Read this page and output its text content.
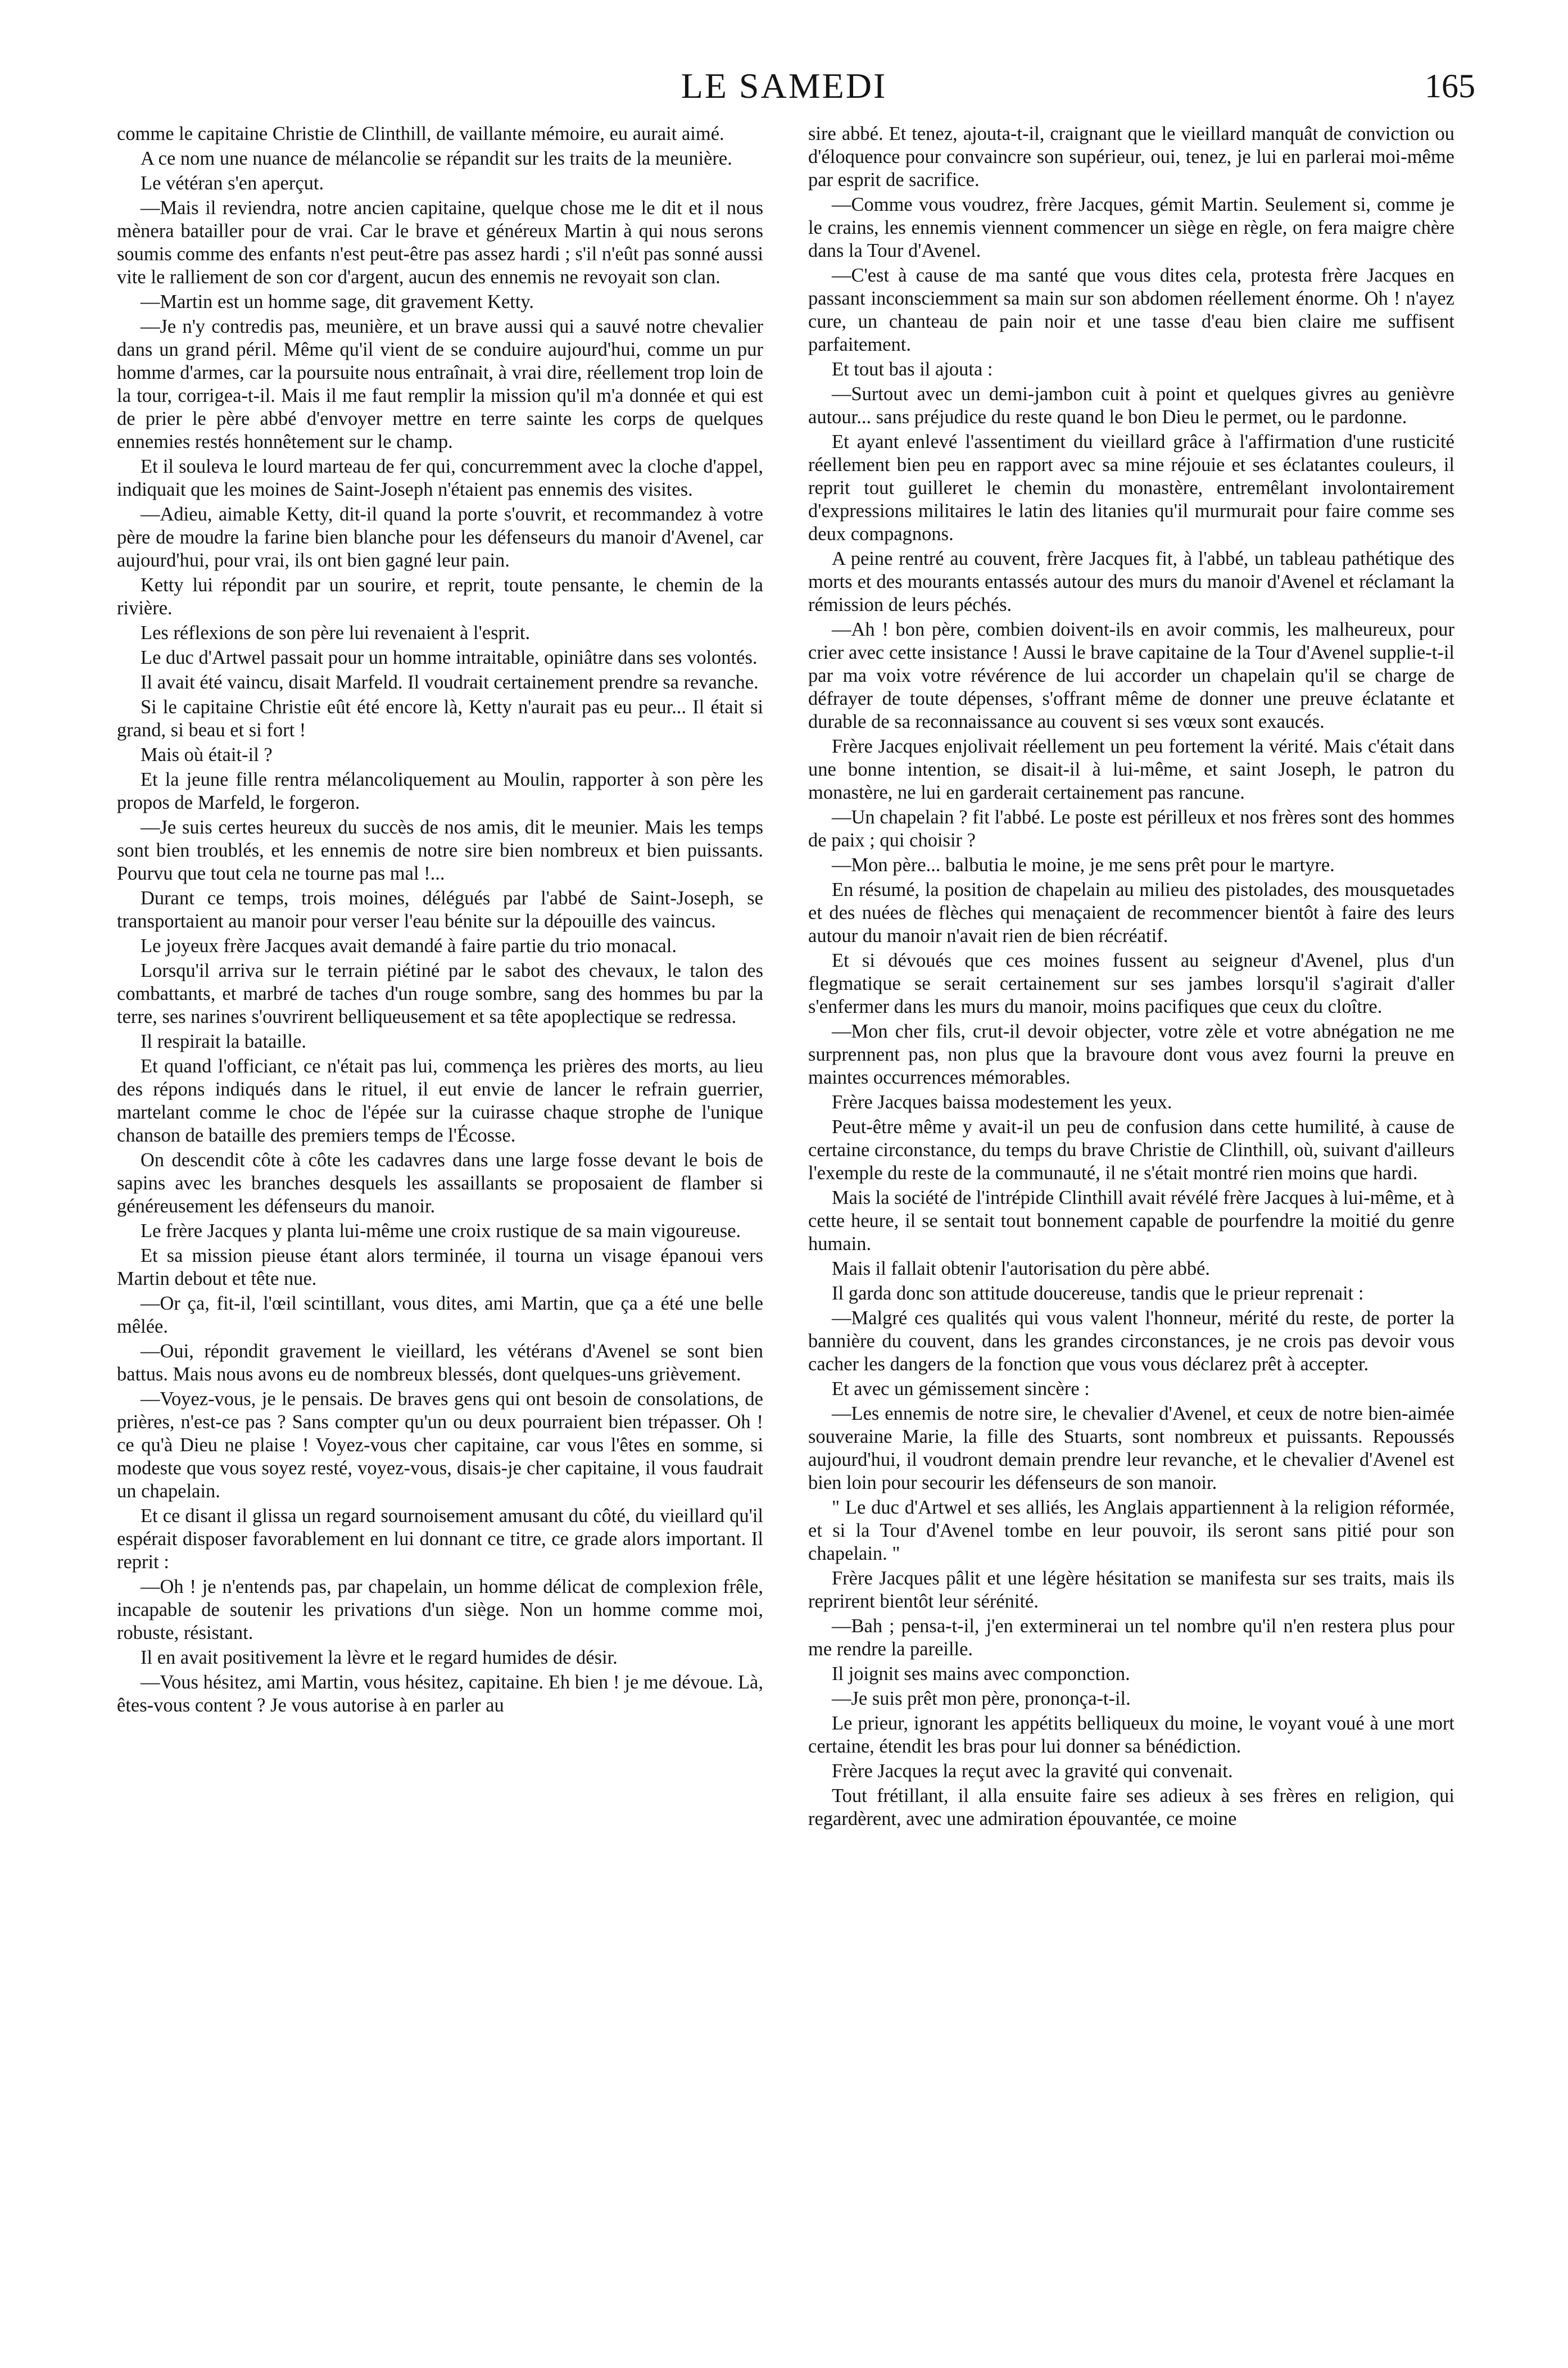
LE SAMEDI	165

comme le capitaine Christie de Clinthill, de vaillante mémoire, eu aurait aimé.

A ce nom une nuance de mélancolie se répandit sur les traits de la meunière.

Le vétéran s'en aperçut.

—Mais il reviendra, notre ancien capitaine, quelque chose me le dit et il nous mènera batailler pour de vrai. Car le brave et généreux Martin à qui nous serons soumis comme des enfants n'est peut-être pas assez hardi ; s'il n'eût pas sonné aussi vite le ralliement de son cor d'argent, aucun des ennemis ne revoyait son clan.

—Martin est un homme sage, dit gravement Ketty.

—Je n'y contredis pas, meunière, et un brave aussi qui a sauvé notre chevalier dans un grand péril. Même qu'il vient de se conduire aujourd'hui, comme un pur homme d'armes, car la poursuite nous entraînait, à vrai dire, réellement trop loin de la tour, corrigea-t-il. Mais il me faut remplir la mission qu'il m'a donnée et qui est de prier le père abbé d'envoyer mettre en terre sainte les corps de quelques ennemies restés honnêtement sur le champ.

Et il souleva le lourd marteau de fer qui, concurremment avec la cloche d'appel, indiquait que les moines de Saint-Joseph n'étaient pas ennemis des visites.

—Adieu, aimable Ketty, dit-il quand la porte s'ouvrit, et recommandez à votre père de moudre la farine bien blanche pour les défenseurs du manoir d'Avenel, car aujourd'hui, pour vrai, ils ont bien gagné leur pain.

Ketty lui répondit par un sourire, et reprit, toute pensante, le chemin de la rivière.

Les réflexions de son père lui revenaient à l'esprit.

Le duc d'Artwel passait pour un homme intraitable, opiniâtre dans ses volontés.

Il avait été vaincu, disait Marfeld. Il voudrait certainement prendre sa revanche.

Si le capitaine Christie eût été encore là, Ketty n'aurait pas eu peur... Il était si grand, si beau et si fort !

Mais où était-il ?

Et la jeune fille rentra mélancoliquement au Moulin, rapporter à son père les propos de Marfeld, le forgeron.

—Je suis certes heureux du succès de nos amis, dit le meunier. Mais les temps sont bien troublés, et les ennemis de notre sire bien nombreux et bien puissants. Pourvu que tout cela ne tourne pas mal !...

Durant ce temps, trois moines, délégués par l'abbé de Saint-Joseph, se transportaient au manoir pour verser l'eau bénite sur la dépouille des vaincus.

Le joyeux frère Jacques avait demandé à faire partie du trio monacal.

Lorsqu'il arriva sur le terrain piétiné par le sabot des chevaux, le talon des combattants, et marbré de taches d'un rouge sombre, sang des hommes bu par la terre, ses narines s'ouvrirent belliqueusement et sa tête apoplectique se redressa.

Il respirait la bataille.

Et quand l'officiant, ce n'était pas lui, commença les prières des morts, au lieu des répons indiqués dans le rituel, il eut envie de lancer le refrain guerrier, martelant comme le choc de l'épée sur la cuirasse chaque strophe de l'unique chanson de bataille des premiers temps de l'Écosse.

On descendit côte à côte les cadavres dans une large fosse devant le bois de sapins avec les branches desquels les assaillants se proposaient de flamber si généreusement les défenseurs du manoir.

Le frère Jacques y planta lui-même une croix rustique de sa main vigoureuse.

Et sa mission pieuse étant alors terminée, il tourna un visage épanoui vers Martin debout et tête nue.

—Or ça, fit-il, l'œil scintillant, vous dites, ami Martin, que ça a été une belle mêlée.

—Oui, répondit gravement le vieillard, les vétérans d'Avenel se sont bien battus. Mais nous avons eu de nombreux blessés, dont quelques-uns grièvement.

—Voyez-vous, je le pensais. De braves gens qui ont besoin de consolations, de prières, n'est-ce pas ? Sans compter qu'un ou deux pourraient bien trépasser. Oh ! ce qu'à Dieu ne plaise ! Voyez-vous cher capitaine, car vous l'êtes en somme, si modeste que vous soyez resté, voyez-vous, disais-je cher capitaine, il vous faudrait un chapelain.

Et ce disant il glissa un regard sournoisement amusant du côté, du vieillard qu'il espérait disposer favorablement en lui donnant ce titre, ce grade alors important. Il reprit :

—Oh ! je n'entends pas, par chapelain, un homme délicat de complexion frêle, incapable de soutenir les privations d'un siège. Non un homme comme moi, robuste, résistant.

Il en avait positivement la lèvre et le regard humides de désir.

—Vous hésitez, ami Martin, vous hésitez, capitaine. Eh bien ! je me dévoue. Là, êtes-vous content ? Je vous autorise à en parler au

sire abbé. Et tenez, ajouta-t-il, craignant que le vieillard manquât de conviction ou d'éloquence pour convaincre son supérieur, oui, tenez, je lui en parlerai moi-même par esprit de sacrifice.

—Comme vous voudrez, frère Jacques, gémit Martin. Seulement si, comme je le crains, les ennemis viennent commencer un siège en règle, on fera maigre chère dans la Tour d'Avenel.

—C'est à cause de ma santé que vous dites cela, protesta frère Jacques en passant inconsciemment sa main sur son abdomen réellement énorme. Oh ! n'ayez cure, un chanteau de pain noir et une tasse d'eau bien claire me suffisent parfaitement.

Et tout bas il ajouta :

—Surtout avec un demi-jambon cuit à point et quelques givres au genièvre autour... sans préjudice du reste quand le bon Dieu le permet, ou le pardonne.

Et ayant enlevé l'assentiment du vieillard grâce à l'affirmation d'une rusticité réellement bien peu en rapport avec sa mine réjouie et ses éclatantes couleurs, il reprit tout guilleret le chemin du monastère, entremêlant involontairement d'expressions militaires le latin des litanies qu'il murmurait pour faire comme ses deux compagnons.

A peine rentré au couvent, frère Jacques fit, à l'abbé, un tableau pathétique des morts et des mourants entassés autour des murs du manoir d'Avenel et réclamant la rémission de leurs péchés.

—Ah ! bon père, combien doivent-ils en avoir commis, les malheureux, pour crier avec cette insistance ! Aussi le brave capitaine de la Tour d'Avenel supplie-t-il par ma voix votre révérence de lui accorder un chapelain qu'il se charge de défrayer de toute dépenses, s'offrant même de donner une preuve éclatante et durable de sa reconnaissance au couvent si ses vœux sont exaucés.

Frère Jacques enjolivait réellement un peu fortement la vérité. Mais c'était dans une bonne intention, se disait-il à lui-même, et saint Joseph, le patron du monastère, ne lui en garderait certainement pas rancune.

—Un chapelain ? fit l'abbé. Le poste est périlleux et nos frères sont des hommes de paix ; qui choisir ?

—Mon père... balbutia le moine, je me sens prêt pour le martyre.

En résumé, la position de chapelain au milieu des pistolades, des mousquetades et des nuées de flèches qui menaçaient de recommencer bientôt à faire des leurs autour du manoir n'avait rien de bien récréatif.

Et si dévoués que ces moines fussent au seigneur d'Avenel, plus d'un flegmatique se serait certainement sur ses jambes lorsqu'il s'agirait d'aller s'enfermer dans les murs du manoir, moins pacifiques que ceux du cloître.

—Mon cher fils, crut-il devoir objecter, votre zèle et votre abnégation ne me surprennent pas, non plus que la bravoure dont vous avez fourni la preuve en maintes occurrences mémorables.

Frère Jacques baissa modestement les yeux.

Peut-être même y avait-il un peu de confusion dans cette humilité, à cause de certaine circonstance, du temps du brave Christie de Clinthill, où, suivant d'ailleurs l'exemple du reste de la communauté, il ne s'était montré rien moins que hardi.

Mais la société de l'intrépide Clinthill avait révélé frère Jacques à lui-même, et à cette heure, il se sentait tout bonnement capable de pourfendre la moitié du genre humain.

Mais il fallait obtenir l'autorisation du père abbé.

Il garda donc son attitude doucereuse, tandis que le prieur reprenait :

—Malgré ces qualités qui vous valent l'honneur, mérité du reste, de porter la bannière du couvent, dans les grandes circonstances, je ne crois pas devoir vous cacher les dangers de la fonction que vous vous déclarez prêt à accepter.

Et avec un gémissement sincère :

—Les ennemis de notre sire, le chevalier d'Avenel, et ceux de notre bien-aimée souveraine Marie, la fille des Stuarts, sont nombreux et puissants. Repoussés aujourd'hui, il voudront demain prendre leur revanche, et le chevalier d'Avenel est bien loin pour secourir les défenseurs de son manoir.

" Le duc d'Artwel et ses alliés, les Anglais appartiennent à la religion réformée, et si la Tour d'Avenel tombe en leur pouvoir, ils seront sans pitié pour son chapelain. "

Frère Jacques pâlit et une légère hésitation se manifesta sur ses traits, mais ils reprirent bientôt leur sérénité.

—Bah ; pensa-t-il, j'en exterminerai un tel nombre qu'il n'en restera plus pour me rendre la pareille.

Il joignit ses mains avec componction.

—Je suis prêt mon père, prononça-t-il.

Le prieur, ignorant les appétits belliqueux du moine, le voyant voué à une mort certaine, étendit les bras pour lui donner sa bénédiction.

Frère Jacques la reçut avec la gravité qui convenait.

Tout frétillant, il alla ensuite faire ses adieux à ses frères en religion, qui regardèrent, avec une admiration épouvantée, ce moine
